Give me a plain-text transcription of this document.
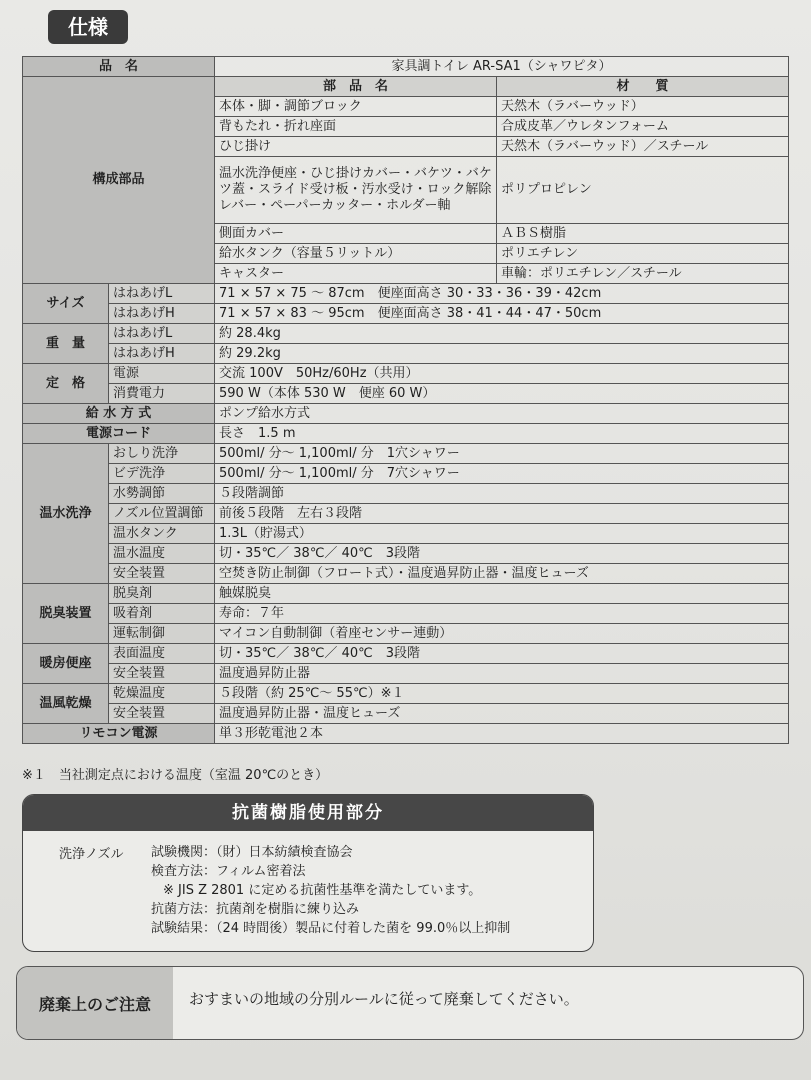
仕様
品　名		家具調トイレ AR-SA1（シャワピタ）	
構成部品		部　品　名	材　　質
		本体・脚・調節ブロック	天然木（ラバーウッド）
		背もたれ・折れ座面	合成皮革／ウレタンフォーム
		ひじ掛け	天然木（ラバーウッド）／スチール
		温水洗浄便座・ひじ掛けカバー・バケツ・バケツ蓋・スライド受け板・汚水受け・ロック解除レバー・ペーパーカッター・ホルダー軸	ポリプロピレン
		側面カバー	ＡＢＳ樹脂
		給水タンク（容量５リットル）	ポリエチレン
		キャスター	車輪：ポリエチレン／スチール
サイズ	はねあげL	71 × 57 × 75 ～ 87cm　便座面高さ 30・33・36・39・42cm	
	はねあげH	71 × 57 × 83 ～ 95cm　便座面高さ 38・41・44・47・50cm	
重　量	はねあげL	約 28.4kg	
	はねあげH	約 29.2kg	
定　格	電源	交流 100V　50Hz/60Hz（共用）	
	消費電力	590 W（本体 530 W　便座 60 W）	
給 水 方 式		ポンプ給水方式	
電源コード		長さ　1.5 m	
温水洗浄	おしり洗浄	500ml/ 分～ 1,100ml/ 分　1穴シャワー	
	ビデ洗浄	500ml/ 分～ 1,100ml/ 分　7穴シャワー	
	水勢調節	５段階調節	
	ノズル位置調節	前後５段階　左右３段階	
	温水タンク	1.3L（貯湯式）	
	温水温度	切・35℃／ 38℃／ 40℃　3段階	
	安全装置	空焚き防止制御（フロート式）・温度過昇防止器・温度ヒューズ	
脱臭装置	脱臭剤	触媒脱臭	
	吸着剤	寿命：７年	
	運転制御	マイコン自動制御（着座センサー連動）	
暖房便座	表面温度	切・35℃／ 38℃／ 40℃　3段階	
	安全装置	温度過昇防止器	
温風乾燥	乾燥温度	５段階（約 25℃～ 55℃）※１	
	安全装置	温度過昇防止器・温度ヒューズ	
リモコン電源		単３形乾電池２本	
※１　当社測定点における温度（室温 20℃のとき）
抗菌樹脂使用部分
洗浄ノズル 試験機関：（財）日本紡績検査協会
検査方法：フィルム密着法
※ JIS Z 2801 に定める抗菌性基準を満たしています。
抗菌方法：抗菌剤を樹脂に練り込み
試験結果：（24 時間後）製品に付着した菌を 99.0％以上抑制
廃棄上のご注意	おすまいの地域の分別ルールに従って廃棄してください。
